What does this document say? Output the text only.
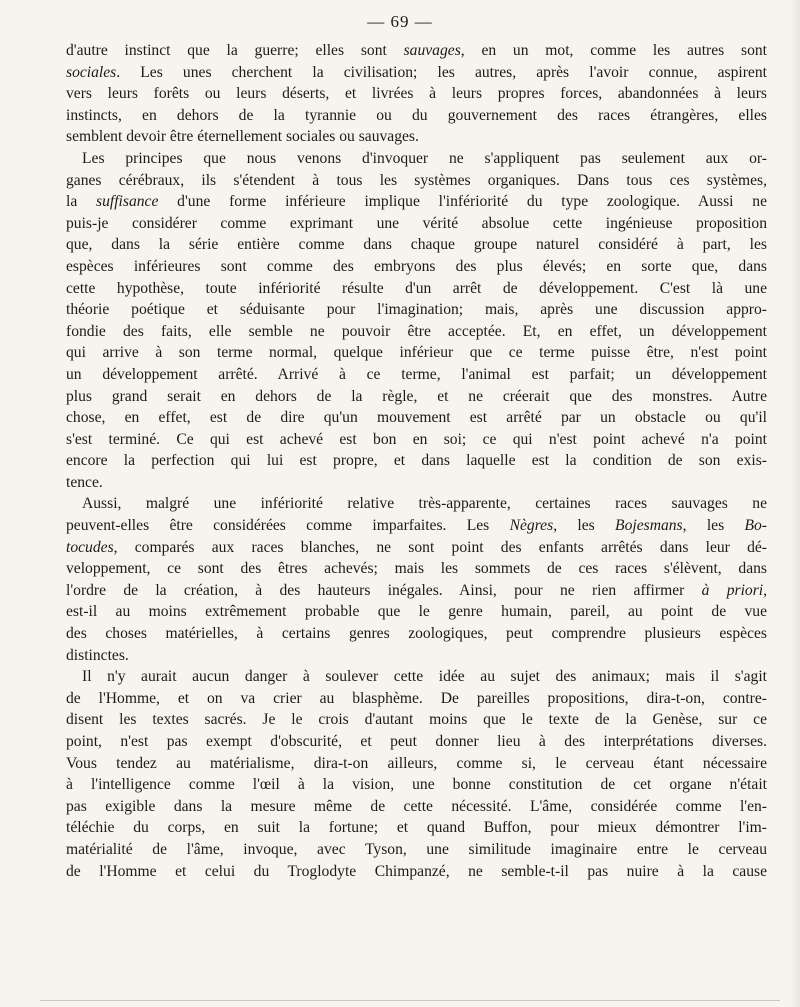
— 69 —
d'autre instinct que la guerre; elles sont sauvages, en un mot, comme les autres sont
sociales. Les unes cherchent la civilisation; les autres, après l'avoir connue, aspirent
vers leurs forêts ou leurs déserts, et livrées à leurs propres forces, abandonnées à leurs
instincts, en dehors de la tyrannie ou du gouvernement des races étrangères, elles
semblent devoir être éternellement sociales ou sauvages.
Les principes que nous venons d'invoquer ne s'appliquent pas seulement aux or-
ganes cérébraux, ils s'étendent à tous les systèmes organiques. Dans tous ces systèmes,
la suffisance d'une forme inférieure implique l'infériorité du type zoologique. Aussi ne
puis-je considérer comme exprimant une vérité absolue cette ingénieuse proposition
que, dans la série entière comme dans chaque groupe naturel considéré à part, les
espèces inférieures sont comme des embryons des plus élevés; en sorte que, dans
cette hypothèse, toute infériorité résulte d'un arrêt de développement. C'est là une
théorie poétique et séduisante pour l'imagination; mais, après une discussion appro-
fondie des faits, elle semble ne pouvoir être acceptée. Et, en effet, un développement
qui arrive à son terme normal, quelque inférieur que ce terme puisse être, n'est point
un développement arrêté. Arrivé à ce terme, l'animal est parfait; un développement
plus grand serait en dehors de la règle, et ne créerait que des monstres. Autre
chose, en effet, est de dire qu'un mouvement est arrêté par un obstacle ou qu'il
s'est terminé. Ce qui est achevé est bon en soi; ce qui n'est point achevé n'a point
encore la perfection qui lui est propre, et dans laquelle est la condition de son exis-
tence.
Aussi, malgré une infériorité relative très-apparente, certaines races sauvages ne
peuvent-elles être considérées comme imparfaites. Les Nègres, les Bojesmans, les Bo-
tocudes, comparés aux races blanches, ne sont point des enfants arrêtés dans leur dé-
veloppement, ce sont des êtres achevés; mais les sommets de ces races s'élèvent, dans
l'ordre de la création, à des hauteurs inégales. Ainsi, pour ne rien affirmer à priori,
est-il au moins extrêmement probable que le genre humain, pareil, au point de vue
des choses matérielles, à certains genres zoologiques, peut comprendre plusieurs espèces
distinctes.
Il n'y aurait aucun danger à soulever cette idée au sujet des animaux; mais il s'agit
de l'Homme, et on va crier au blasphème. De pareilles propositions, dira-t-on, contre-
disent les textes sacrés. Je le crois d'autant moins que le texte de la Genèse, sur ce
point, n'est pas exempt d'obscurité, et peut donner lieu à des interprétations diverses.
Vous tendez au matérialisme, dira-t-on ailleurs, comme si, le cerveau étant nécessaire
à l'intelligence comme l'œil à la vision, une bonne constitution de cet organe n'était
pas exigible dans la mesure même de cette nécessité. L'âme, considérée comme l'en-
téléchie du corps, en suit la fortune; et quand Buffon, pour mieux démontrer l'im-
matérialité de l'âme, invoque, avec Tyson, une similitude imaginaire entre le cerveau
de l'Homme et celui du Troglodyte Chimpanzé, ne semble-t-il pas nuire à la cause
